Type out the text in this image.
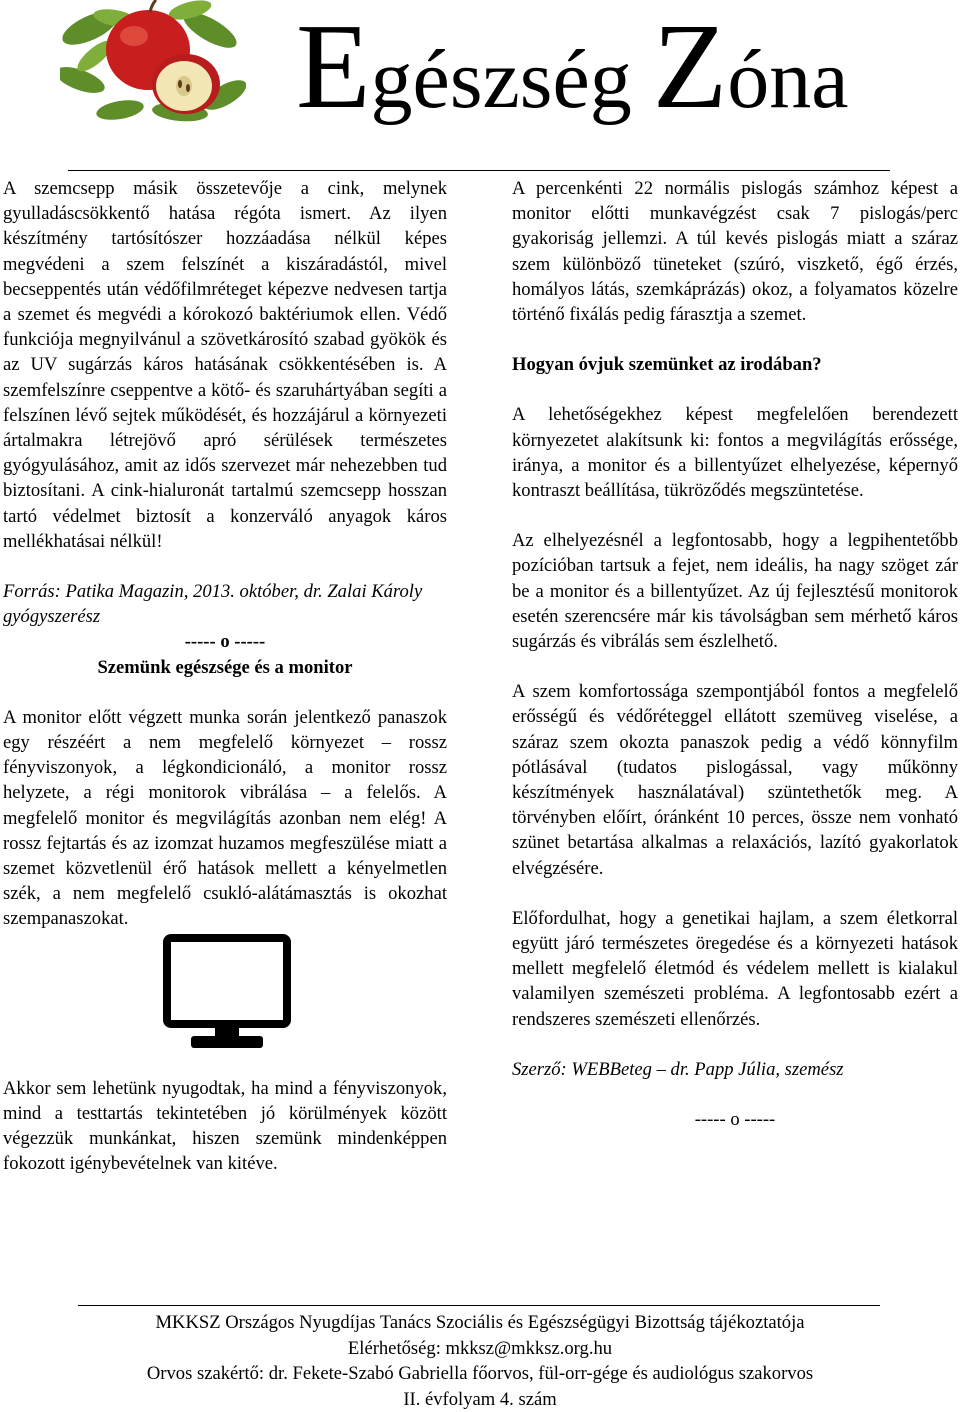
Egészség Zóna

A szemcsepp másik összetevője a cink, melynek gyulladáscsökkentő hatása régóta ismert. Az ilyen készítmény tartósítószer hozzáadása nélkül képes megvédeni a szem felszínét a kiszáradástól, mivel becseppentés után védőfilmréteget képezve nedvesen tartja a szemet és megvédi a kórokozó baktériumok ellen. Védő funkciója megnyilvánul a szövetkárosító szabad gyökök és az UV sugárzás káros hatásának csökkentésében is. A szemfelszínre cseppentve a kötő- és szaruhártyában segíti a felszínen lévő sejtek működését, és hozzájárul a környezeti ártalmakra létrejövő apró sérülések természetes gyógyulásához, amit az idős szervezet már nehezebben tud biztosítani. A cink-hialuronát tartalmú szemcsepp hosszan tartó védelmet biztosít a konzerváló anyagok káros mellékhatásai nélkül!

Forrás: Patika Magazin, 2013. október, dr. Zalai Károly gyógyszerész

----- o -----

Szemünk egészsége és a monitor

A monitor előtt végzett munka során jelentkező panaszok egy részéért a nem megfelelő környezet – rossz fényviszonyok, a légkondicionáló, a monitor rossz helyzete, a régi monitorok vibrálása – a felelős. A megfelelő monitor és megvilágítás azonban nem elég! A rossz fejtartás és az izomzat huzamos megfeszülése miatt a szemet közvetlenül érő hatások mellett a kényelmetlen szék, a nem megfelelő csukló-alátámasztás is okozhat szempanaszokat.

Akkor sem lehetünk nyugodtak, ha mind a fényviszonyok, mind a testtartás tekintetében jó körülmények között végezzük munkánkat, hiszen szemünk mindenképpen fokozott igénybevételnek van kitéve.

A percenkénti 22 normális pislogás számhoz képest a monitor előtti munkavégzést csak 7 pislogás/perc gyakoriság jellemzi. A túl kevés pislogás miatt a száraz szem különböző tüneteket (szúró, viszkető, égő érzés, homályos látás, szemkáprázás) okoz, a folyamatos közelre történő fixálás pedig fárasztja a szemet.

Hogyan óvjuk szemünket az irodában?

A lehetőségekhez képest megfelelően berendezett környezetet alakítsunk ki: fontos a megvilágítás erőssége, iránya, a monitor és a billentyűzet elhelyezése, képernyő kontraszt beállítása, tükröződés megszüntetése.

Az elhelyezésnél a legfontosabb, hogy a legpihentetőbb pozícióban tartsuk a fejet, nem ideális, ha nagy szöget zár be a monitor és a billentyűzet. Az új fejlesztésű monitorok esetén szerencsére már kis távolságban sem mérhető káros sugárzás és vibrálás sem észlelhető.

A szem komfortossága szempontjából fontos a megfelelő erősségű és védőréteggel ellátott szemüveg viselése, a száraz szem okozta panaszok pedig a védő könnyfilm pótlásával (tudatos pislogással, vagy műkönny készítmények használatával) szüntethetők meg. A törvényben előírt, óránként 10 perces, össze nem vonható szünet betartása alkalmas a relaxációs, lazító gyakorlatok elvégzésére.

Előfordulhat, hogy a genetikai hajlam, a szem életkorral együtt járó természetes öregedése és a környezeti hatások mellett megfelelő életmód és védelem mellett is kialakul valamilyen szemészeti probléma. A legfontosabb ezért a rendszeres szemészeti ellenőrzés.

Szerző: WEBBeteg – dr. Papp Júlia, szemész

----- o -----

MKKSZ Országos Nyugdíjas Tanács Szociális és Egészségügyi Bizottság tájékoztatója
Elérhetőség: mkksz@mkksz.org.hu
Orvos szakértő: dr. Fekete-Szabó Gabriella főorvos, fül-orr-gége és audiológus szakorvos
II. évfolyam 4. szám
